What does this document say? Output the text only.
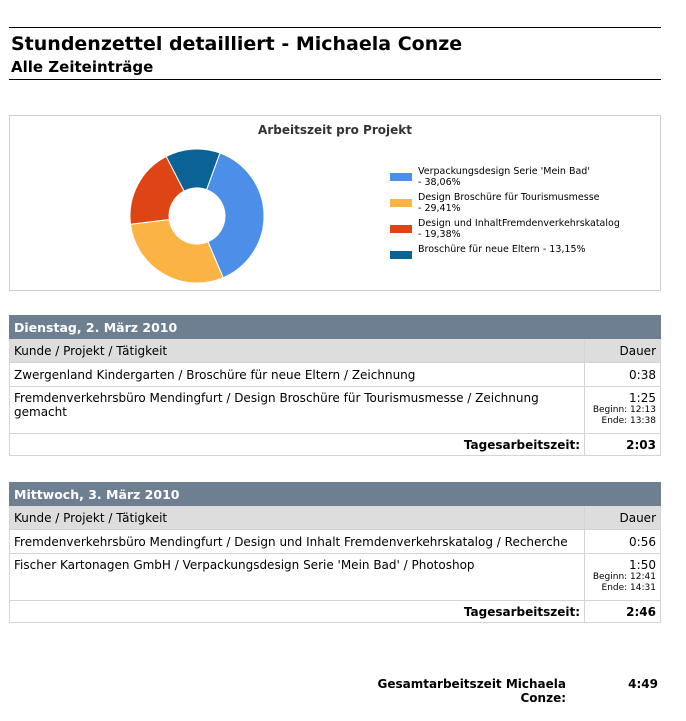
Stundenzettel detailliert - Michaela Conze
Alle Zeiteinträge
Arbeitszeit pro Projekt
Verpackungsdesign Serie 'Mein Bad'
- 38,06%
Design Broschüre für Tourismusmesse
- 29,41%
Design und InhaltFremdenverkehrskatalog
- 19,38%
Broschüre für neue Eltern - 13,15%
Dienstag, 2. März 2010	
Kunde / Projekt / Tätigkeit	Dauer
Zwergenland Kindergarten / Broschüre für neue Eltern / Zeichnung	0:38
Fremdenverkehrsbüro Mendingfurt / Design Broschüre für Tourismusmesse / Zeichnung gemacht	1:25
Beginn: 12:13
Ende: 13:38

Tagesarbeitszeit:	2:03
Mittwoch, 3. März 2010	
Kunde / Projekt / Tätigkeit	Dauer
Fremdenverkehrsbüro Mendingfurt / Design und Inhalt Fremdenverkehrskatalog / Recherche	0:56
Fischer Kartonagen GmbH / Verpackungsdesign Serie 'Mein Bad' / Photoshop	1:50
Beginn: 12:41
Ende: 14:31

Tagesarbeitszeit:	2:46
Gesamtarbeitszeit Michaela Conze:
4:49
